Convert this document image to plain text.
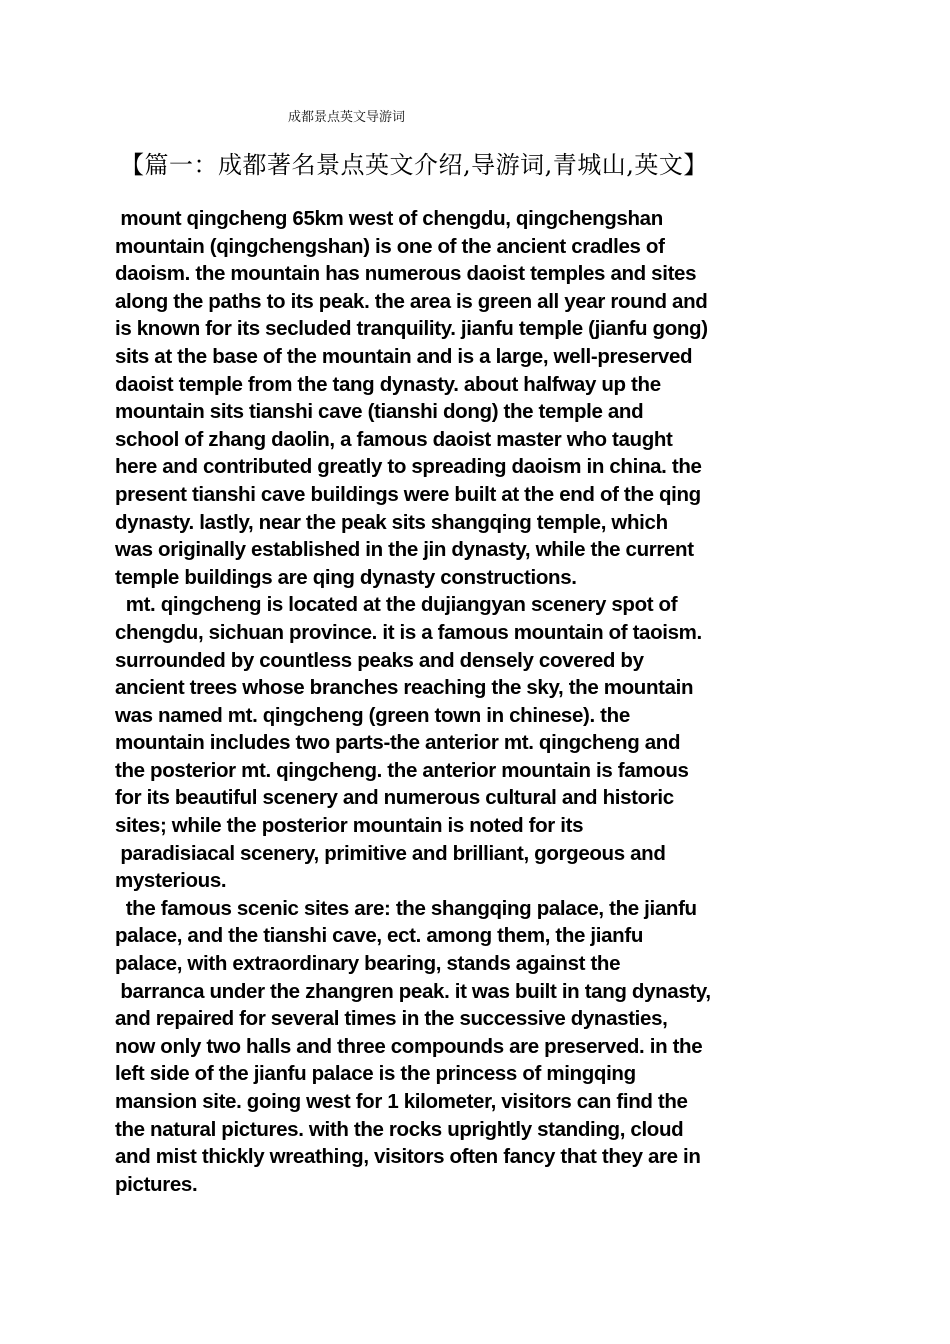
成都景点英文导游词
【篇一：成都著名景点英文介绍,导游词,青城山,英文】
mount qingcheng 65km west of chengdu, qingchengshan
mountain (qingchengshan) is one of the ancient cradles of
daoism. the mountain has numerous daoist temples and sites
along the paths to its peak. the area is green all year round and
is known for its secluded tranquility. jianfu temple (jianfu gong)
sits at the base of the mountain and is a large, well-preserved
daoist temple from the tang dynasty. about halfway up the
mountain sits tianshi cave (tianshi dong) the temple and
school of zhang daolin, a famous daoist master who taught
here and contributed greatly to spreading daoism in china. the
present tianshi cave buildings were built at the end of the qing
dynasty. lastly, near the peak sits shangqing temple, which
was originally established in the jin dynasty, while the current
temple buildings are qing dynasty constructions.
mt. qingcheng is located at the dujiangyan scenery spot of
chengdu, sichuan province. it is a famous mountain of taoism.
surrounded by countless peaks and densely covered by
ancient trees whose branches reaching the sky, the mountain
was named mt. qingcheng (green town in chinese). the
mountain includes two parts-the anterior mt. qingcheng and
the posterior mt. qingcheng. the anterior mountain is famous
for its beautiful scenery and numerous cultural and historic
sites; while the posterior mountain is noted for its
paradisiacal scenery, primitive and brilliant, gorgeous and
mysterious.
the famous scenic sites are: the shangqing palace, the jianfu
palace, and the tianshi cave, ect. among them, the jianfu
palace, with extraordinary bearing, stands against the
barranca under the zhangren peak. it was built in tang dynasty,
and repaired for several times in the successive dynasties,
now only two halls and three compounds are preserved. in the
left side of the jianfu palace is the princess of mingqing
mansion site. going west for 1 kilometer, visitors can find the
the natural pictures. with the rocks uprightly standing, cloud
and mist thickly wreathing, visitors often fancy that they are in
pictures.
